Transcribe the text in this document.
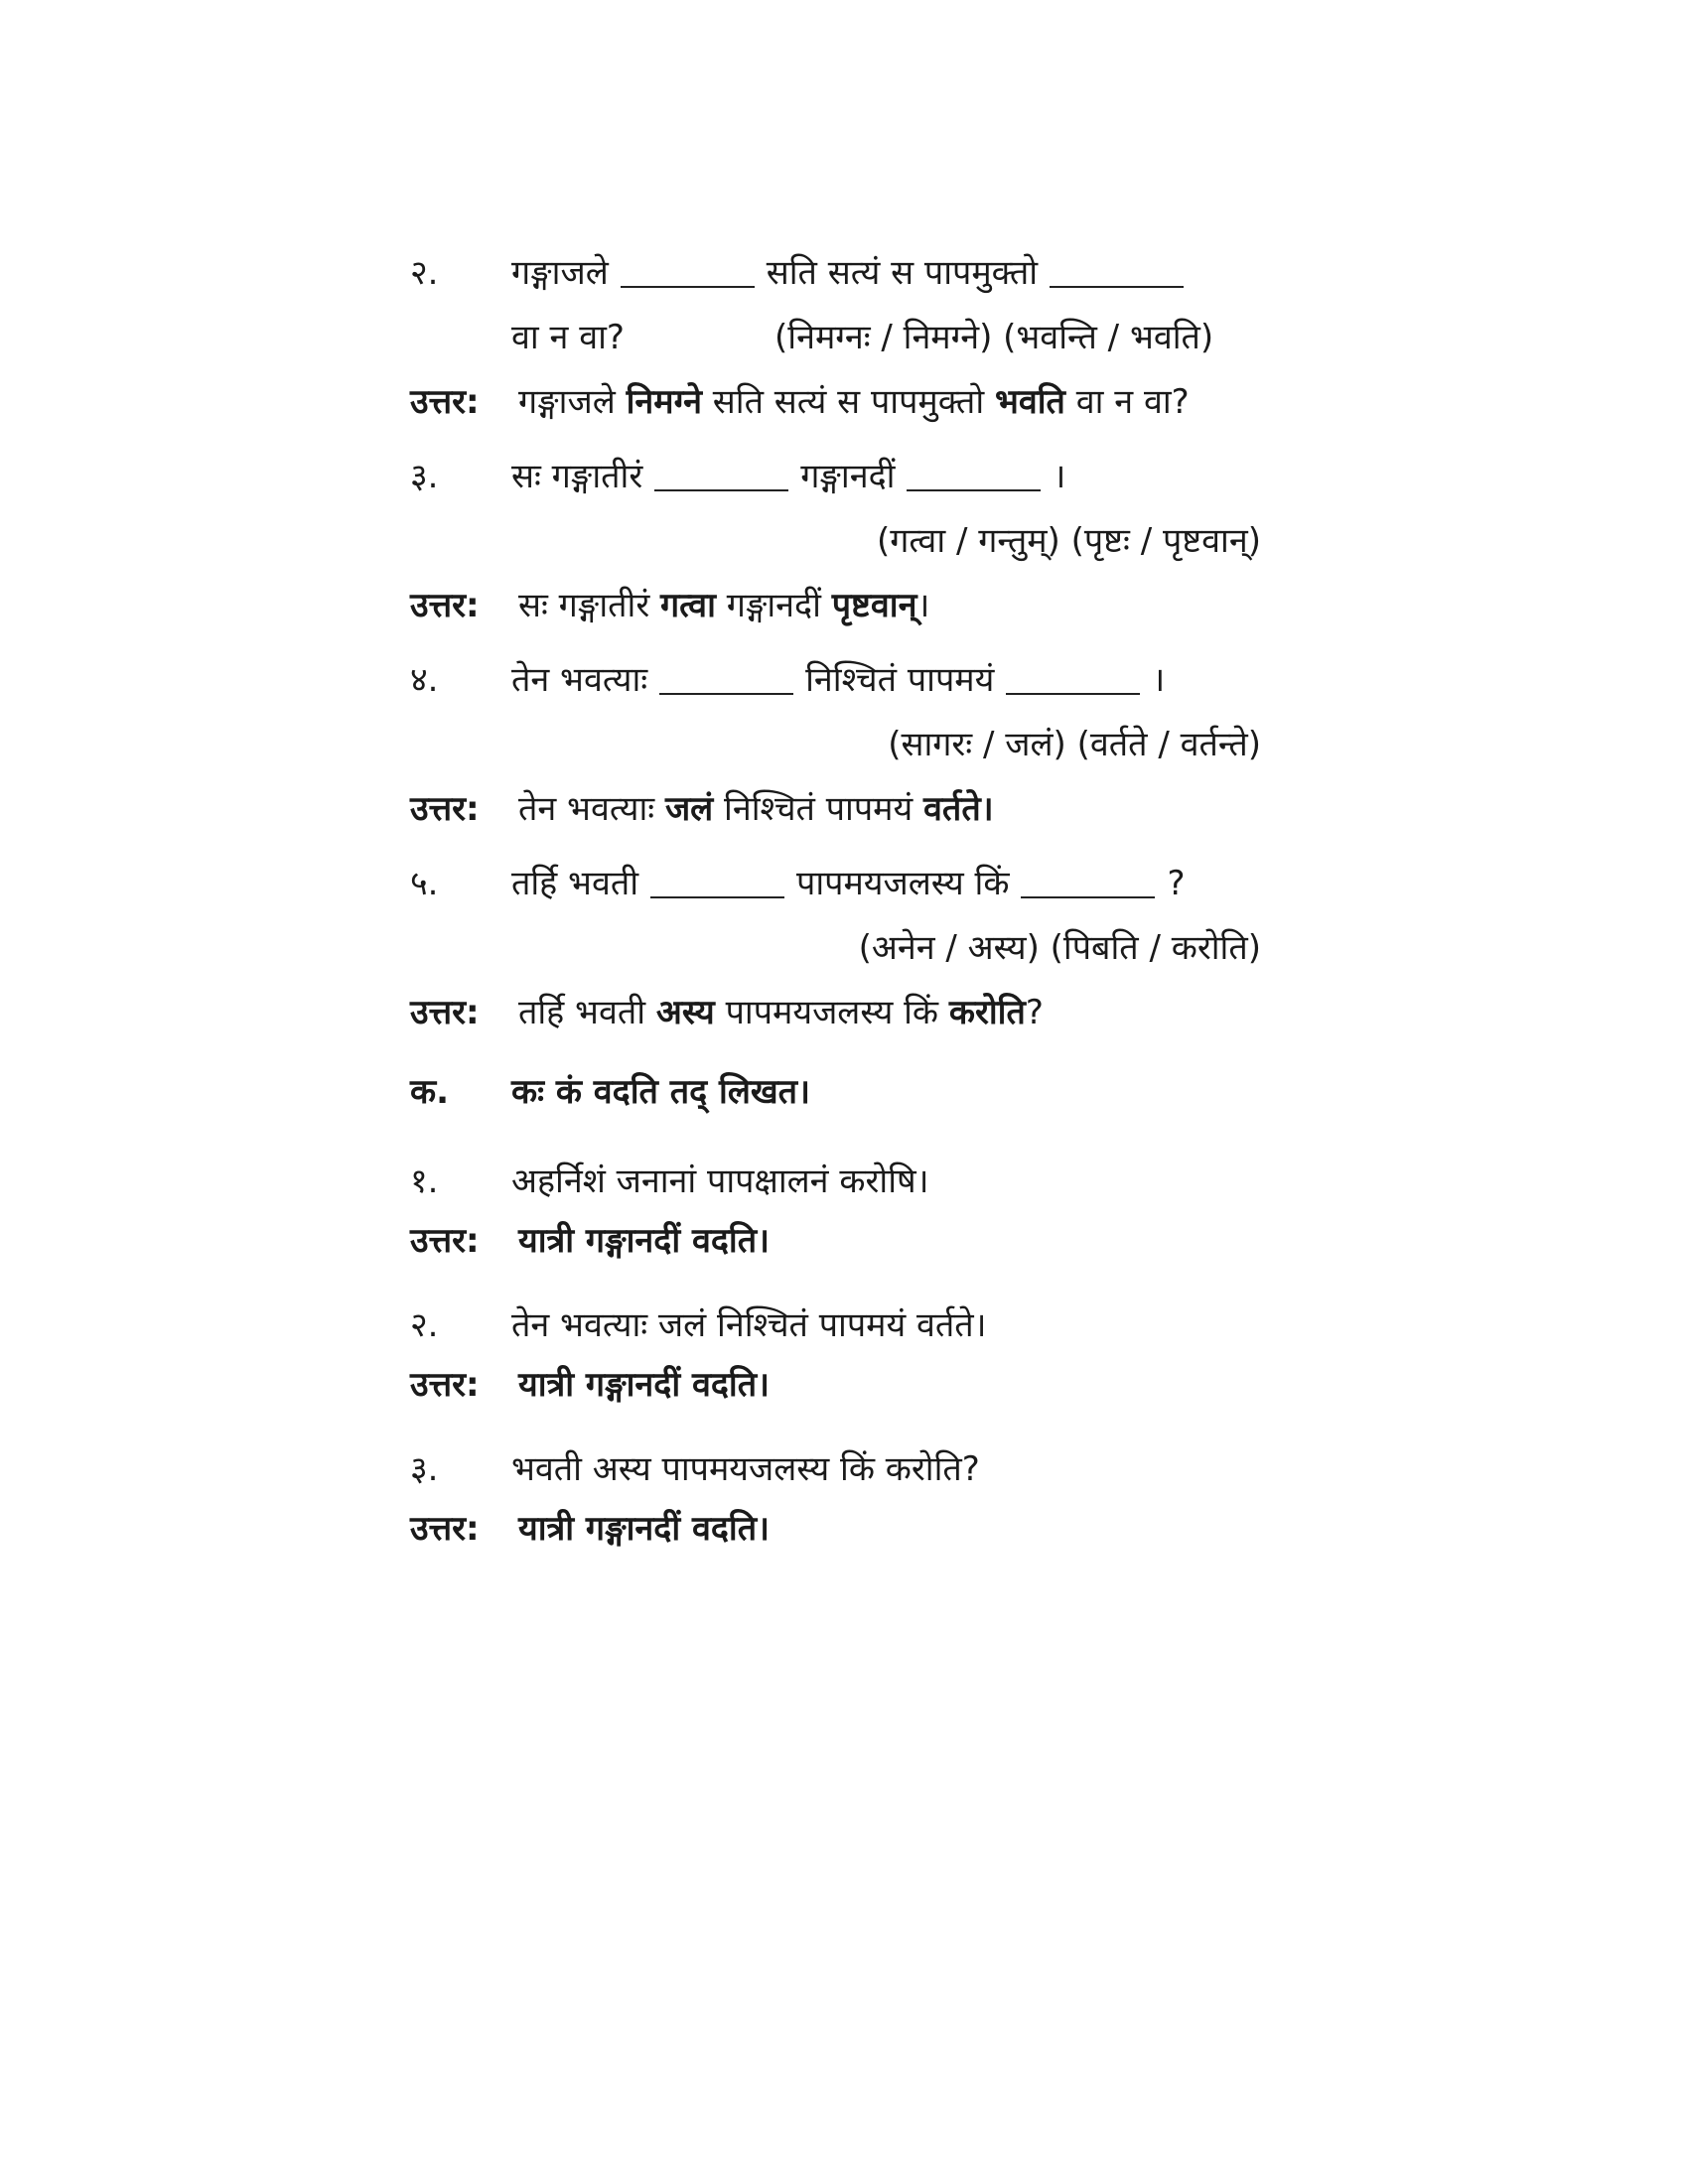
२. गङ्गाजले	सति सत्यं स पापमुक्तो
वा न वा?	(निमग्नः / निमग्ने) (भवन्ति / भवति)
उत्तर: गङ्गाजले निमग्ने सति सत्यं स पापमुक्तो भवति वा न वा?
३. सः गङ्गातीरं	गङ्गानदीं	।
(गत्वा / गन्तुम्) (पृष्टः / पृष्टवान्)
उत्तर: सः गङ्गातीरं गत्वा गङ्गानदीं पृष्टवान्।
४. तेन भवत्याः	निश्चितं पापमयं	।
(सागरः / जलं) (वर्तते / वर्तन्ते)
उत्तर: तेन भवत्याः जलं निश्चितं पापमयं वर्तते।
५. तर्हि भवती	पापमयजलस्य किं	?
(अनेन / अस्य) (पिबति / करोति)
उत्तर: तर्हि भवती अस्य पापमयजलस्य किं करोति?
क. कः कं वदति तद् लिखत।
१. अहर्निशं जनानां पापक्षालनं करोषि।
उत्तर: यात्री गङ्गानदीं वदति।
२. तेन भवत्याः जलं निश्चितं पापमयं वर्तते।
उत्तर: यात्री गङ्गानदीं वदति।
३. भवती अस्य पापमयजलस्य किं करोति?
उत्तर: यात्री गङ्गानदीं वदति।
